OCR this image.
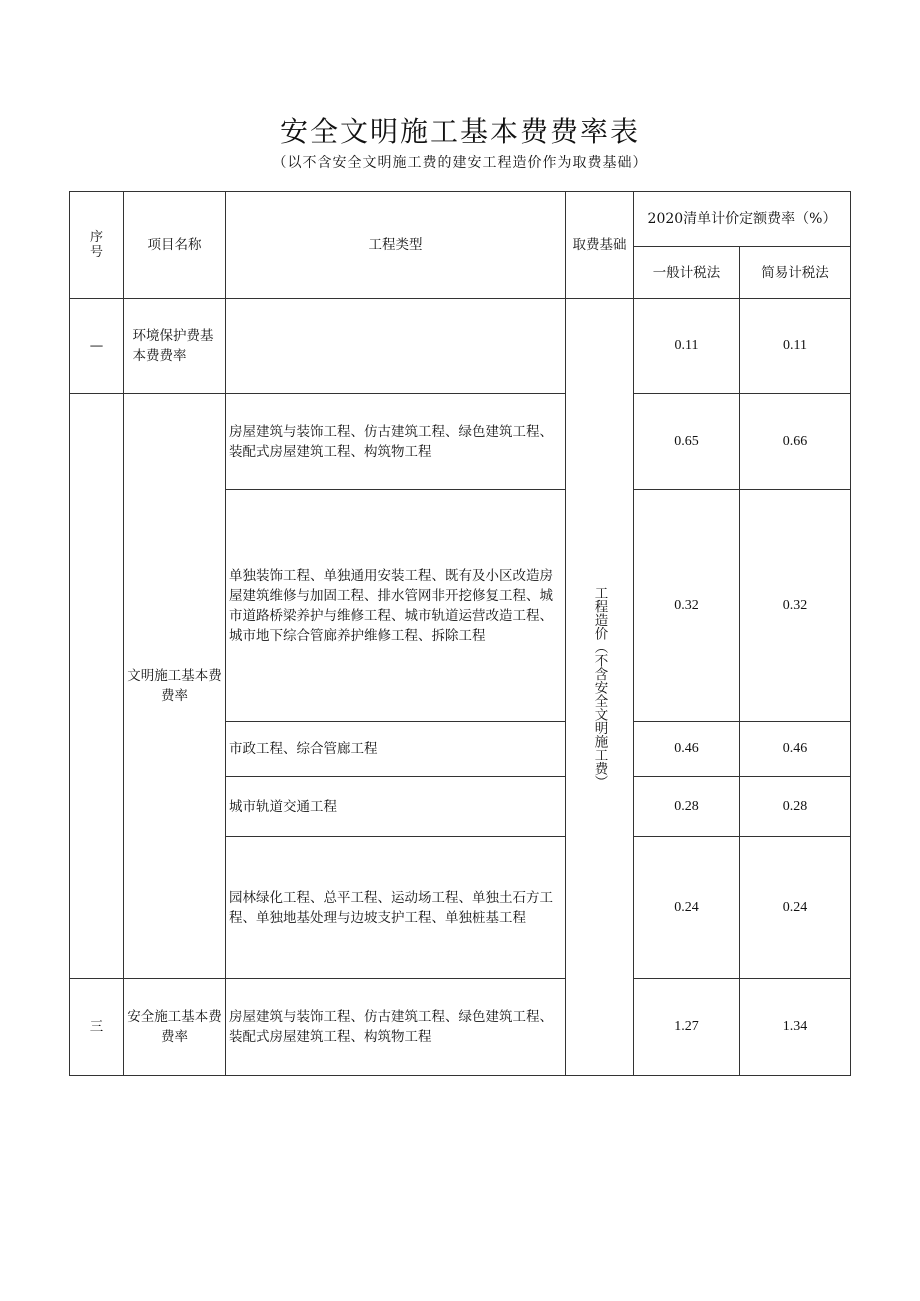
安全文明施工基本费费率表
（以不含安全文明施工费的建安工程造价作为取费基础）
序号	项目名称	工程类型	取费基础	2020清单计价定额费率（%）	
				一般计税法	简易计税法
—	环境保护费基本费费率		工程造价（不含安全文明施工费）	0.11	0.11

	文明施工基本费费率	房屋建筑与装饰工程、仿古建筑工程、绿色建筑工程、装配式房屋建筑工程、构筑物工程		0.65	0.66
		单独装饰工程、单独通用安装工程、既有及小区改造房屋建筑维修与加固工程、排水管网非开挖修复工程、城市道路桥梁养护与维修工程、城市轨道运营改造工程、城市地下综合管廊养护维修工程、拆除工程		0.32	0.32
		市政工程、综合管廊工程		0.46	0.46
		城市轨道交通工程		0.28	0.28
		园林绿化工程、总平工程、运动场工程、单独土石方工程、单独地基处理与边坡支护工程、单独桩基工程		0.24	0.24
三	安全施工基本费费率	房屋建筑与装饰工程、仿古建筑工程、绿色建筑工程、装配式房屋建筑工程、构筑物工程		1.27	1.34
